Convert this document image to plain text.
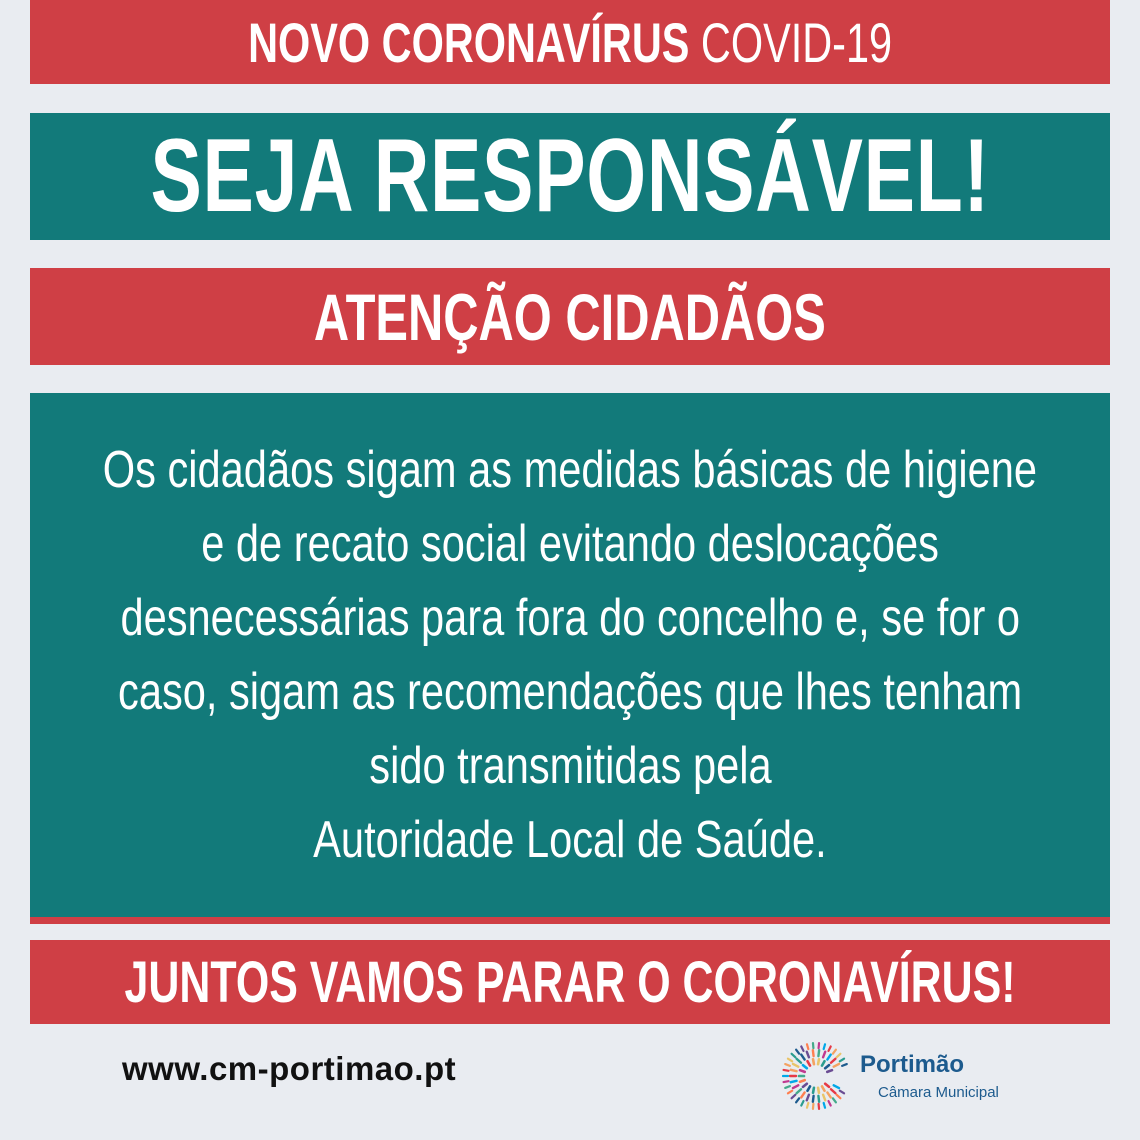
NOVO CORONAVÍRUS COVID-19
SEJA RESPONSÁVEL!
ATENÇÃO CIDADÃOS
Os cidadãos sigam as medidas básicas de higiene
e de recato social evitando deslocações
desnecessárias para fora do concelho e, se for o
caso, sigam as recomendações que lhes tenham
sido transmitidas pela
Autoridade Local de Saúde.
JUNTOS VAMOS PARAR O CORONAVÍRUS!
www.cm-portimao.pt	Portimão
Câmara Municipal
